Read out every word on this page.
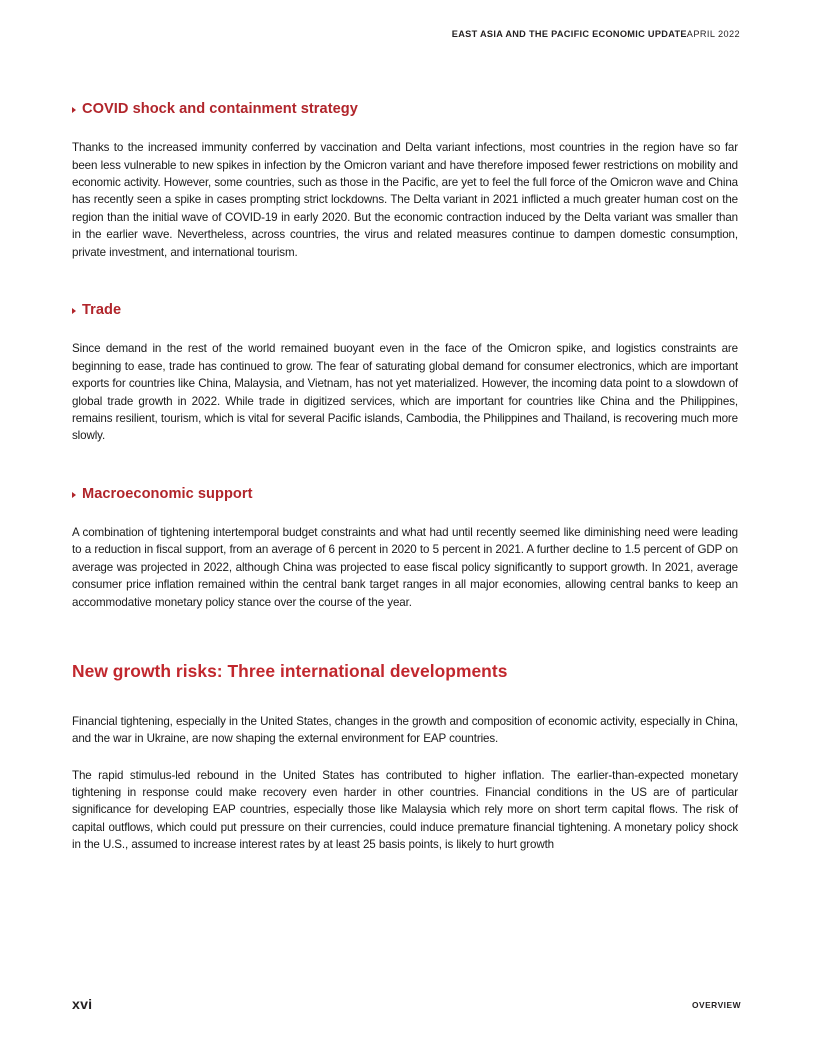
EAST ASIA AND THE PACIFIC ECONOMIC UPDATEAPRIL 2022
COVID shock and containment strategy

Thanks to the increased immunity conferred by vaccination and Delta variant infections, most countries in the region have so far been less vulnerable to new spikes in infection by the Omicron variant and have therefore imposed fewer restrictions on mobility and economic activity. However, some countries, such as those in the Pacific, are yet to feel the full force of the Omicron wave and China has recently seen a spike in cases prompting strict lockdowns. The Delta variant in 2021 inflicted a much greater human cost on the region than the initial wave of COVID-19 in early 2020. But the economic contraction induced by the Delta variant was smaller than in the earlier wave. Nevertheless, across countries, the virus and related measures continue to dampen domestic consumption, private investment, and international tourism.

Trade

Since demand in the rest of the world remained buoyant even in the face of the Omicron spike, and logistics constraints are beginning to ease, trade has continued to grow. The fear of saturating global demand for consumer electronics, which are important exports for countries like China, Malaysia, and Vietnam, has not yet materialized. However, the incoming data point to a slowdown of global trade growth in 2022. While trade in digitized services, which are important for countries like China and the Philippines, remains resilient, tourism, which is vital for several Pacific islands, Cambodia, the Philippines and Thailand, is recovering much more slowly.

Macroeconomic support

A combination of tightening intertemporal budget constraints and what had until recently seemed like diminishing need were leading to a reduction in fiscal support, from an average of 6 percent in 2020 to 5 percent in 2021. A further decline to 1.5 percent of GDP on average was projected in 2022, although China was projected to ease fiscal policy significantly to support growth. In 2021, average consumer price inflation remained within the central bank target ranges in all major economies, allowing central banks to keep an accommodative monetary policy stance over the course of the year.

New growth risks: Three international developments

Financial tightening, especially in the United States, changes in the growth and composition of economic activity, especially in China, and the war in Ukraine, are now shaping the external environment for EAP countries.

The rapid stimulus-led rebound in the United States has contributed to higher inflation. The earlier-than-expected monetary tightening in response could make recovery even harder in other countries. Financial conditions in the US are of particular significance for developing EAP countries, especially those like Malaysia which rely more on short term capital flows. The risk of capital outflows, which could put pressure on their currencies, could induce premature financial tightening. A monetary policy shock in the U.S., assumed to increase interest rates by at least 25 basis points, is likely to hurt growth

xvi	OVERVIEW
